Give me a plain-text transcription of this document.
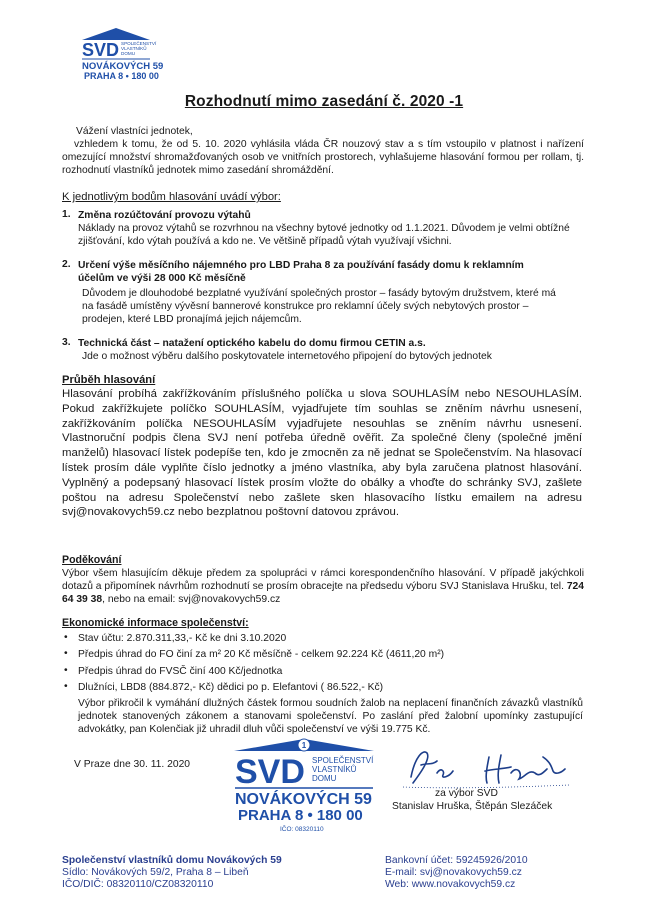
SVD SPOLEČENSTVÍ
VLASTNÍKŮ
DOMU
NOVÁKOVÝCH 59
PRAHA 8 • 180 00
Rozhodnutí mimo zasedání č. 2020 -1
Vážení vlastníci jednotek,
vzhledem k tomu, že od 5. 10. 2020 vyhlásila vláda ČR nouzový stav a s tím vstoupilo v platnost i nařízení omezující množství shromažďovaných osob ve vnitřních prostorech, vyhlašujeme hlasování formou per rollam, tj. rozhodnutí vlastníků jednotek mimo zasedání shromáždění.
K jednotlivým bodům hlasování uvádí výbor:
1. Změna rozúčtování provozu výtahů
Náklady na provoz výtahů se rozvrhnou na všechny bytové jednotky od 1.1.2021. Důvodem je velmi obtížné zjišťování, kdo výtah používá a kdo ne. Ve většině případů výtah využívají všichni.
2. Určení výše měsíčního nájemného pro LBD Praha 8 za používání fasády domu k reklamním účelům ve výši 28 000 Kč měsíčně
Důvodem je dlouhodobé bezplatné využívání společných prostor – fasády bytovým družstvem, které má na fasádě umístěny vývěsní bannerové konstrukce pro reklamní účely svých nebytových prostor – prodejen, které LBD pronajímá jejich nájemcům.
3. Technická část – natažení optického kabelu do domu firmou CETIN a.s.
Jde o možnost výběru dalšího poskytovatele internetového připojení do bytových jednotek
Průběh hlasování
Hlasování probíhá zakřížkováním příslušného políčka u slova SOUHLASÍM nebo NESOUHLASÍM. Pokud zakřížkujete políčko SOUHLASÍM, vyjadřujete tím souhlas se zněním návrhu usnesení, zakřížkováním políčka NESOUHLASÍM vyjadřujete nesouhlas se zněním návrhu usnesení. Vlastnoruční podpis člena SVJ není potřeba úředně ověřit. Za společné členy (společné jmění manželů) hlasovací lístek podepíše ten, kdo je zmocněn za ně jednat se Společenstvím. Na hlasovací lístek prosím dále vyplňte číslo jednotky a jméno vlastníka, aby byla zaručena platnost hlasování. Vyplněný a podepsaný hlasovací lístek prosím vložte do obálky a vhoďte do schránky SVJ, zašlete poštou na adresu Společenství nebo zašlete sken hlasovacího lístku emailem na adresu svj@novakovych59.cz nebo bezplatnou poštovní datovou zprávou.
Poděkování
Výbor všem hlasujícím děkuje předem za spolupráci v rámci korespondenčního hlasování. V případě jakýchkoli dotazů a připomínek návrhům rozhodnutí se prosím obracejte na předsedu výboru SVJ Stanislava Hrušku, tel. 724 64 39 38, nebo na email: svj@novakovych59.cz
Ekonomické informace společenství:
• Stav účtu: 2.870.311,33,- Kč ke dni 3.10.2020
• Předpis úhrad do FO činí za m² 20 Kč měsíčně - celkem 92.224 Kč (4611,20 m²)
• Předpis úhrad do FVSČ činí 400 Kč/jednotka
• Dlužníci, LBD8 (884.872,- Kč) dědici po p. Elefantovi ( 86.522,- Kč)
Výbor přikročil k vymáhání dlužných částek formou soudních žalob na neplacení finančních závazků vlastníků jednotek stanovených zákonem a stanovami společenství. Po zaslání před žalobní upomínky zastupující advokátky, pan Kolenčiak již uhradil dluh vůči společenství ve výši 19.775 Kč.
V Praze dne 30. 11. 2020
1
SVD SPOLEČENSTVÍ
VLASTNÍKŮ
DOMU
NOVÁKOVÝCH 59
PRAHA 8 • 180 00
IČO: 08320110
za výbor SVD
Stanislav Hruška, Štěpán Slezáček
Společenství vlastníků domu Novákových 59
Sídlo: Novákových 59/2, Praha 8 – Libeň
IČO/DIČ: 08320110/CZ08320110
Bankovní účet: 59245926/2010
E-mail: svj@novakovych59.cz
Web: www.novakovych59.cz
